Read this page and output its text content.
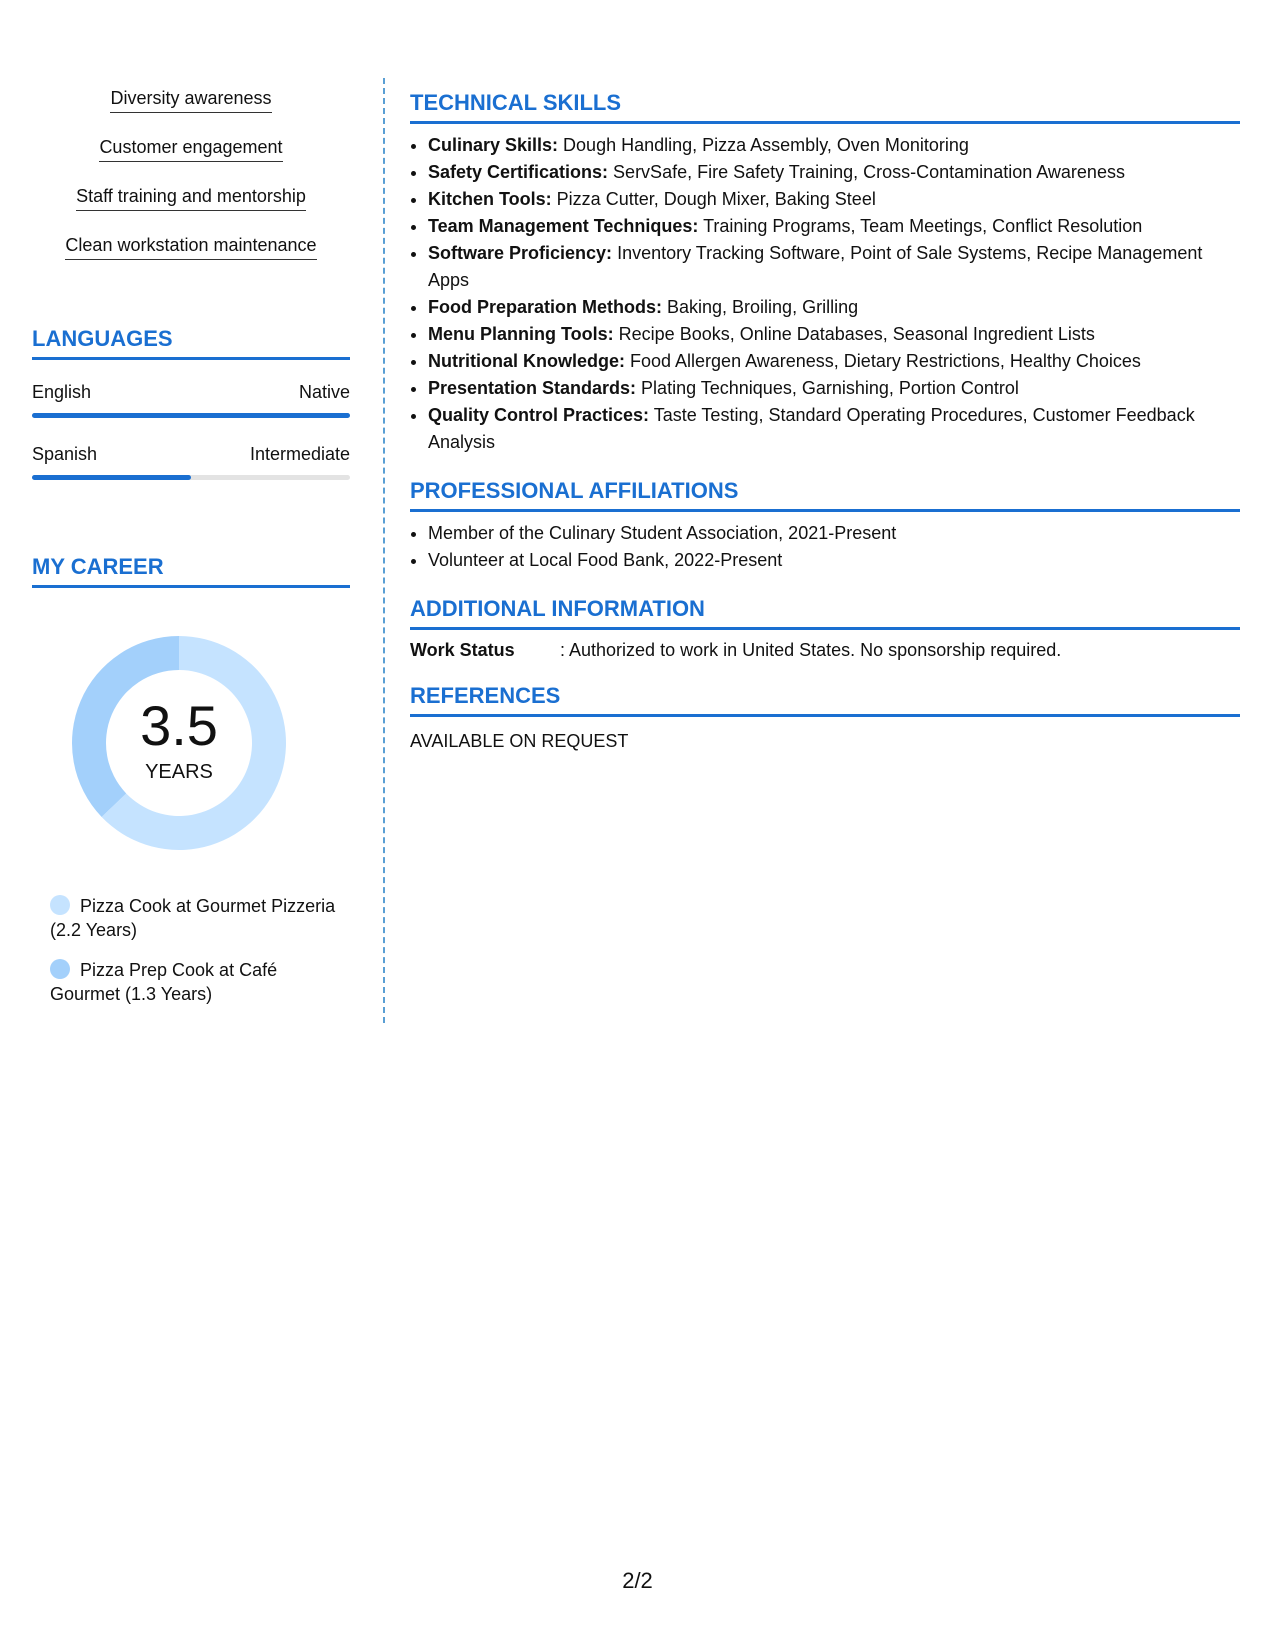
Diversity awareness
Customer engagement
Staff training and mentorship
Clean workstation maintenance
LANGUAGES
English	Native
Spanish	Intermediate
MY CAREER
3.5
YEARS
Pizza Cook at Gourmet Pizzeria (2.2 Years)
Pizza Prep Cook at Café Gourmet (1.3 Years)
TECHNICAL SKILLS
• Culinary Skills: Dough Handling, Pizza Assembly, Oven Monitoring
• Safety Certifications: ServSafe, Fire Safety Training, Cross-Contamination Awareness
• Kitchen Tools: Pizza Cutter, Dough Mixer, Baking Steel
• Team Management Techniques: Training Programs, Team Meetings, Conflict Resolution
• Software Proficiency: Inventory Tracking Software, Point of Sale Systems, Recipe Management Apps
• Food Preparation Methods: Baking, Broiling, Grilling
• Menu Planning Tools: Recipe Books, Online Databases, Seasonal Ingredient Lists
• Nutritional Knowledge: Food Allergen Awareness, Dietary Restrictions, Healthy Choices
• Presentation Standards: Plating Techniques, Garnishing, Portion Control
• Quality Control Practices: Taste Testing, Standard Operating Procedures, Customer Feedback Analysis
PROFESSIONAL AFFILIATIONS
• Member of the Culinary Student Association, 2021-Present
• Volunteer at Local Food Bank, 2022-Present
ADDITIONAL INFORMATION
Work Status	: Authorized to work in United States. No sponsorship required.
REFERENCES
AVAILABLE ON REQUEST
2/2
